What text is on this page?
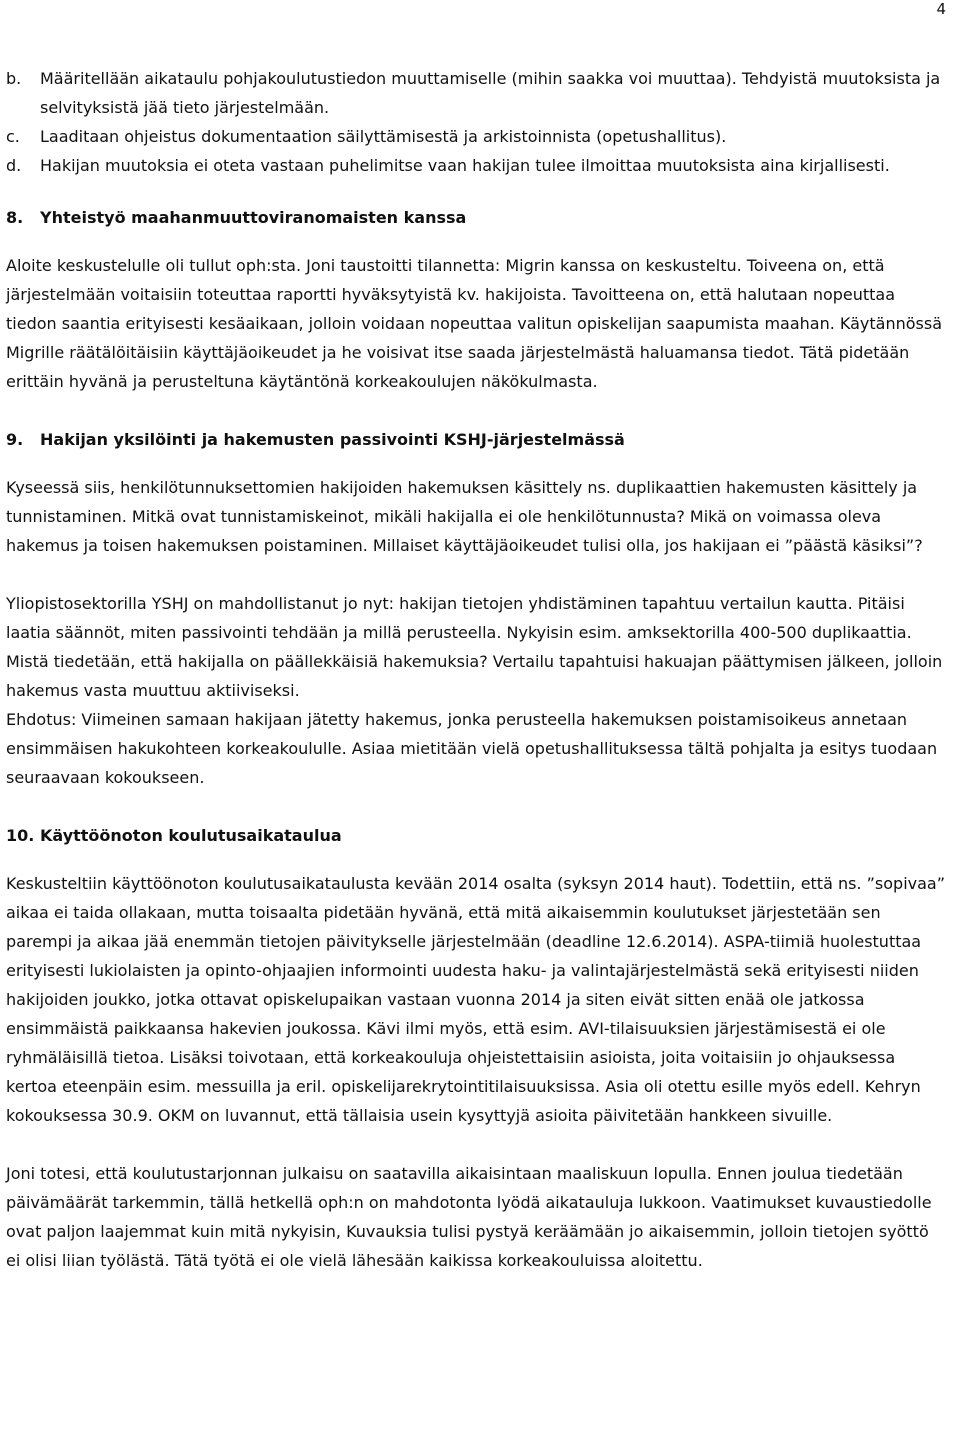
4
b.	Määritellään aikataulu pohjakoulutustiedon muuttamiselle (mihin saakka voi muuttaa). Tehdyistä muutoksista ja selvityksistä jää tieto järjestelmään.
c.	Laaditaan ohjeistus dokumentaation säilyttämisestä ja arkistoinnista (opetushallitus).
d.	Hakijan muutoksia ei oteta vastaan puhelimitse vaan hakijan tulee ilmoittaa muutoksista aina kirjallisesti.
8.	Yhteistyö maahanmuuttoviranomaisten kanssa

Aloite keskustelulle oli tullut oph:sta. Joni taustoitti tilannetta: Migrin kanssa on keskusteltu. Toiveena on, että järjestelmään voitaisiin toteuttaa raportti hyväksytyistä kv. hakijoista. Tavoitteena on, että halutaan nopeuttaa tiedon saantia erityisesti kesäaikaan, jolloin voidaan nopeuttaa valitun opiskelijan saapumista maahan. Käytännössä Migrille räätälöitäisiin käyttäjäoikeudet ja he voisivat itse saada järjestelmästä haluamansa tiedot. Tätä pidetään erittäin hyvänä ja perusteltuna käytäntönä korkeakoulujen näkökulmasta.

9.	Hakijan yksilöinti ja hakemusten passivointi KSHJ-järjestelmässä

Kyseessä siis, henkilötunnuksettomien hakijoiden hakemuksen käsittely ns. duplikaattien hakemusten käsittely ja tunnistaminen. Mitkä ovat tunnistamiskeinot, mikäli hakijalla ei ole henkilötunnusta? Mikä on voimassa oleva hakemus ja toisen hakemuksen poistaminen. Millaiset käyttäjäoikeudet tulisi olla, jos hakijaan ei ”päästä käsiksi”?

Yliopistosektorilla YSHJ on mahdollistanut jo nyt: hakijan tietojen yhdistäminen tapahtuu vertailun kautta. Pitäisi laatia säännöt, miten passivointi tehdään ja millä perusteella. Nykyisin esim. amksektorilla 400-500 duplikaattia. Mistä tiedetään, että hakijalla on päällekkäisiä hakemuksia? Vertailu tapahtuisi hakuajan päättymisen jälkeen, jolloin hakemus vasta muuttuu aktiiviseksi.

Ehdotus: Viimeinen samaan hakijaan jätetty hakemus, jonka perusteella hakemuksen poistamisoikeus annetaan ensimmäisen hakukohteen korkeakoululle. Asiaa mietitään vielä opetushallituksessa tältä pohjalta ja esitys tuodaan seuraavaan kokoukseen.

10. Käyttöönoton koulutusaikataulua

Keskusteltiin käyttöönoton koulutusaikataulusta kevään 2014 osalta (syksyn 2014 haut). Todettiin, että ns. ”sopivaa” aikaa ei taida ollakaan, mutta toisaalta pidetään hyvänä, että mitä aikaisemmin koulutukset järjestetään sen parempi ja aikaa jää enemmän tietojen päivitykselle järjestelmään (deadline 12.6.2014). ASPA-tiimiä huolestuttaa erityisesti lukiolaisten ja opinto-ohjaajien informointi uudesta haku- ja valintajärjestelmästä sekä erityisesti niiden hakijoiden joukko, jotka ottavat opiskelupaikan vastaan vuonna 2014 ja siten eivät sitten enää ole jatkossa ensimmäistä paikkaansa hakevien joukossa. Kävi ilmi myös, että esim. AVI-tilaisuuksien järjestämisestä ei ole ryhmäläisillä tietoa. Lisäksi toivotaan, että korkeakouluja ohjeistettaisiin asioista, joita voitaisiin jo ohjauksessa kertoa eteenpäin esim. messuilla ja eril. opiskelijarekrytointitilaisuuksissa. Asia oli otettu esille myös edell. Kehryn kokouksessa 30.9. OKM on luvannut, että tällaisia usein kysyttyjä asioita päivitetään hankkeen sivuille.

Joni totesi, että koulutustarjonnan julkaisu on saatavilla aikaisintaan maaliskuun lopulla. Ennen joulua tiedetään päivämäärät tarkemmin, tällä hetkellä oph:n on mahdotonta lyödä aikatauluja lukkoon. Vaatimukset kuvaustiedolle ovat paljon laajemmat kuin mitä nykyisin, Kuvauksia tulisi pystyä keräämään jo aikaisemmin, jolloin tietojen syöttö ei olisi liian työlästä. Tätä työtä ei ole vielä lähesään kaikissa korkeakouluissa aloitettu.
